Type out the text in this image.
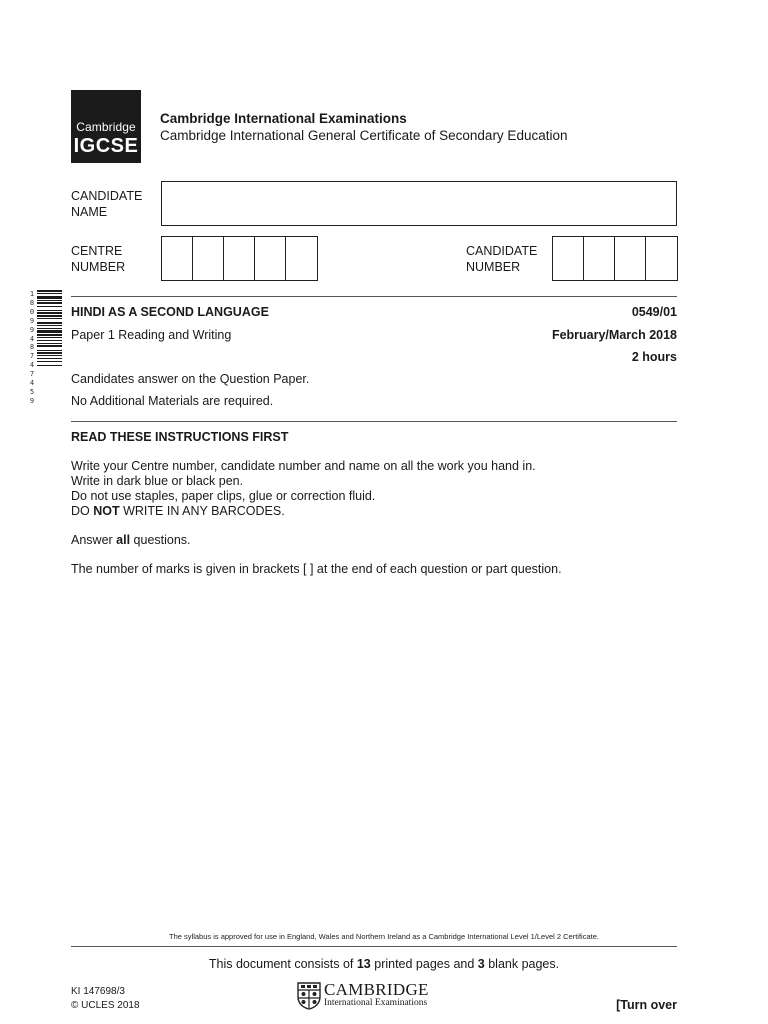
Cambridge
IGCSE
Cambridge International Examinations
Cambridge International General Certificate of Secondary Education
CANDIDATE
NAME
CENTRE
NUMBER
CANDIDATE
NUMBER
1
8
0
9
9
4
8
7
4
7
4
5
9
HINDI AS A SECOND LANGUAGE	0549/01
Paper 1 Reading and Writing	February/March 2018
2 hours
Candidates answer on the Question Paper.
No Additional Materials are required.
READ THESE INSTRUCTIONS FIRST
Write your Centre number, candidate number and name on all the work you hand in.
Write in dark blue or black pen.
Do not use staples, paper clips, glue or correction fluid.
DO NOT WRITE IN ANY BARCODES.
Answer all questions.
The number of marks is given in brackets [ ] at the end of each question or part question.
The syllabus is approved for use in England, Wales and Northern Ireland as a Cambridge International Level 1/Level 2 Certificate.
This document consists of 13 printed pages and 3 blank pages.
KI 147698/3
© UCLES 2018
CAMBRIDGE
International Examinations	[Turn over
